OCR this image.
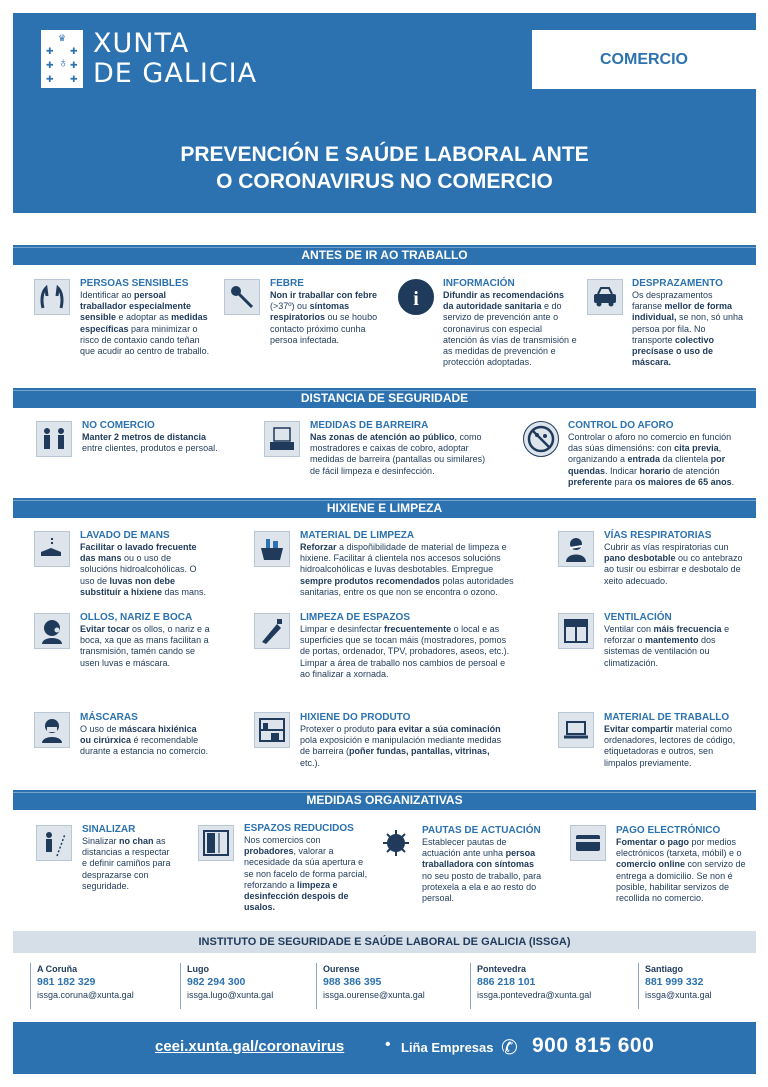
♛
✚ ✚
✚ ♁ ✚
✚ ✚
XUNTA
DE GALICIA	COMERCIO
PREVENCIÓN E SAÚDE LABORAL ANTE
O CORONAVIRUS NO COMERCIO
ANTES DE IR AO TRABALLO
PERSOAS SENSIBLES
Identificar ao persoal traballador especialmente sensible e adoptar as medidas específicas para minimizar o risco de contaxio cando teñan que acudir ao centro de traballo.
FEBRE
Non ir traballar con febre (>37º) ou síntomas respiratorios ou se houbo contacto próximo cunha persoa infectada.
i
INFORMACIÓN
Difundir as recomendacións da autoridade sanitaria e do servizo de prevención ante o coronavirus con especial atención ás vías de transmisión e as medidas de prevención e protección adoptadas.
DESPRAZAMENTO
Os desprazamentos faranse mellor de forma individual, se non, só unha persoa por fila. No transporte colectivo precísase o uso de máscara.
DISTANCIA DE SEGURIDADE
NO COMERCIO
Manter 2 metros de distancia entre clientes, produtos e persoal.
MEDIDAS DE BARREIRA
Nas zonas de atención ao público, como mostradores e caixas de cobro, adoptar medidas de barreira (pantallas ou similares) de fácil limpeza e desinfección.
CONTROL DO AFORO
Controlar o aforo no comercio en función das súas dimensións: con cita previa, organizando a entrada da clientela por quendas. Indicar horario de atención preferente para os maiores de 65 anos.
HIXIENE E LIMPEZA
LAVADO DE MANS
Facilitar o lavado frecuente das mans ou o uso de solucións hidroalcohólicas. O uso de luvas non debe substituír a hixiene das mans.
MATERIAL DE LIMPEZA
Reforzar a dispoñibilidade de material de limpeza e hixiene. Facilitar á clientela nos accesos solucións hidroalcohólicas e luvas desbotables. Empregue sempre produtos recomendados polas autoridades sanitarias, entre os que non se encontra o ozono.
VÍAS RESPIRATORIAS
Cubrir as vías respiratorias cun pano desbotable ou co antebrazo ao tusir ou esbirrar e desbotalo de xeito adecuado.
OLLOS, NARIZ E BOCA
Evitar tocar os ollos, o nariz e a boca, xa que as mans facilitan a transmisión, tamén cando se usen luvas e máscara.
LIMPEZA DE ESPAZOS
Limpar e desinfectar frecuentemente o local e as superficies que se tocan máis (mostradores, pomos de portas, ordenador, TPV, probadores, aseos, etc.). Limpar a área de traballo nos cambios de persoal e ao finalizar a xornada.
VENTILACIÓN
Ventilar con máis frecuencia e reforzar o mantemento dos sistemas de ventilación ou climatización.
MÁSCARAS
O uso de máscara hixiénica ou cirúrxica é recomendable durante a estancia no comercio.
HIXIENE DO PRODUTO
Protexer o produto para evitar a súa cominación pola exposición e manipulación mediante medidas de barreira (poñer fundas, pantallas, vitrinas, etc.).
MATERIAL DE TRABALLO
Evitar compartir material como ordenadores, lectores de código, etiquetadoras e outros, sen limpalos previamente.
MEDIDAS ORGANIZATIVAS
SINALIZAR
Sinalizar no chan as distancias a respectar e definir camiños para desprazarse con seguridade.
ESPAZOS REDUCIDOS
Nos comercios con probadores, valorar a necesidade da súa apertura e se non facelo de forma parcial, reforzando a limpeza e desinfección despois de usalos.
PAUTAS DE ACTUACIÓN
Establecer pautas de actuación ante unha persoa traballadora con síntomas no seu posto de traballo, para protexela a ela e ao resto do persoal.
PAGO ELECTRÓNICO
Fomentar o pago por medios electrónicos (tarxeta, móbil) e o comercio online con servizo de entrega a domicilio. Se non é posible, habilitar servizos de recollida no comercio.
INSTITUTO DE SEGURIDADE E SAÚDE LABORAL DE GALICIA (ISSGA)
A Coruña
981 182 329
issga.coruna@xunta.gal
Lugo
982 294 300
issga.lugo@xunta.gal
Ourense
988 386 395
issga.ourense@xunta.gal
Pontevedra
886 218 101
issga.pontevedra@xunta.gal
Santiago
881 999 332
issga@xunta.gal
ceei.xunta.gal/coronavirus	• Liña Empresas ✆ 900 815 600
